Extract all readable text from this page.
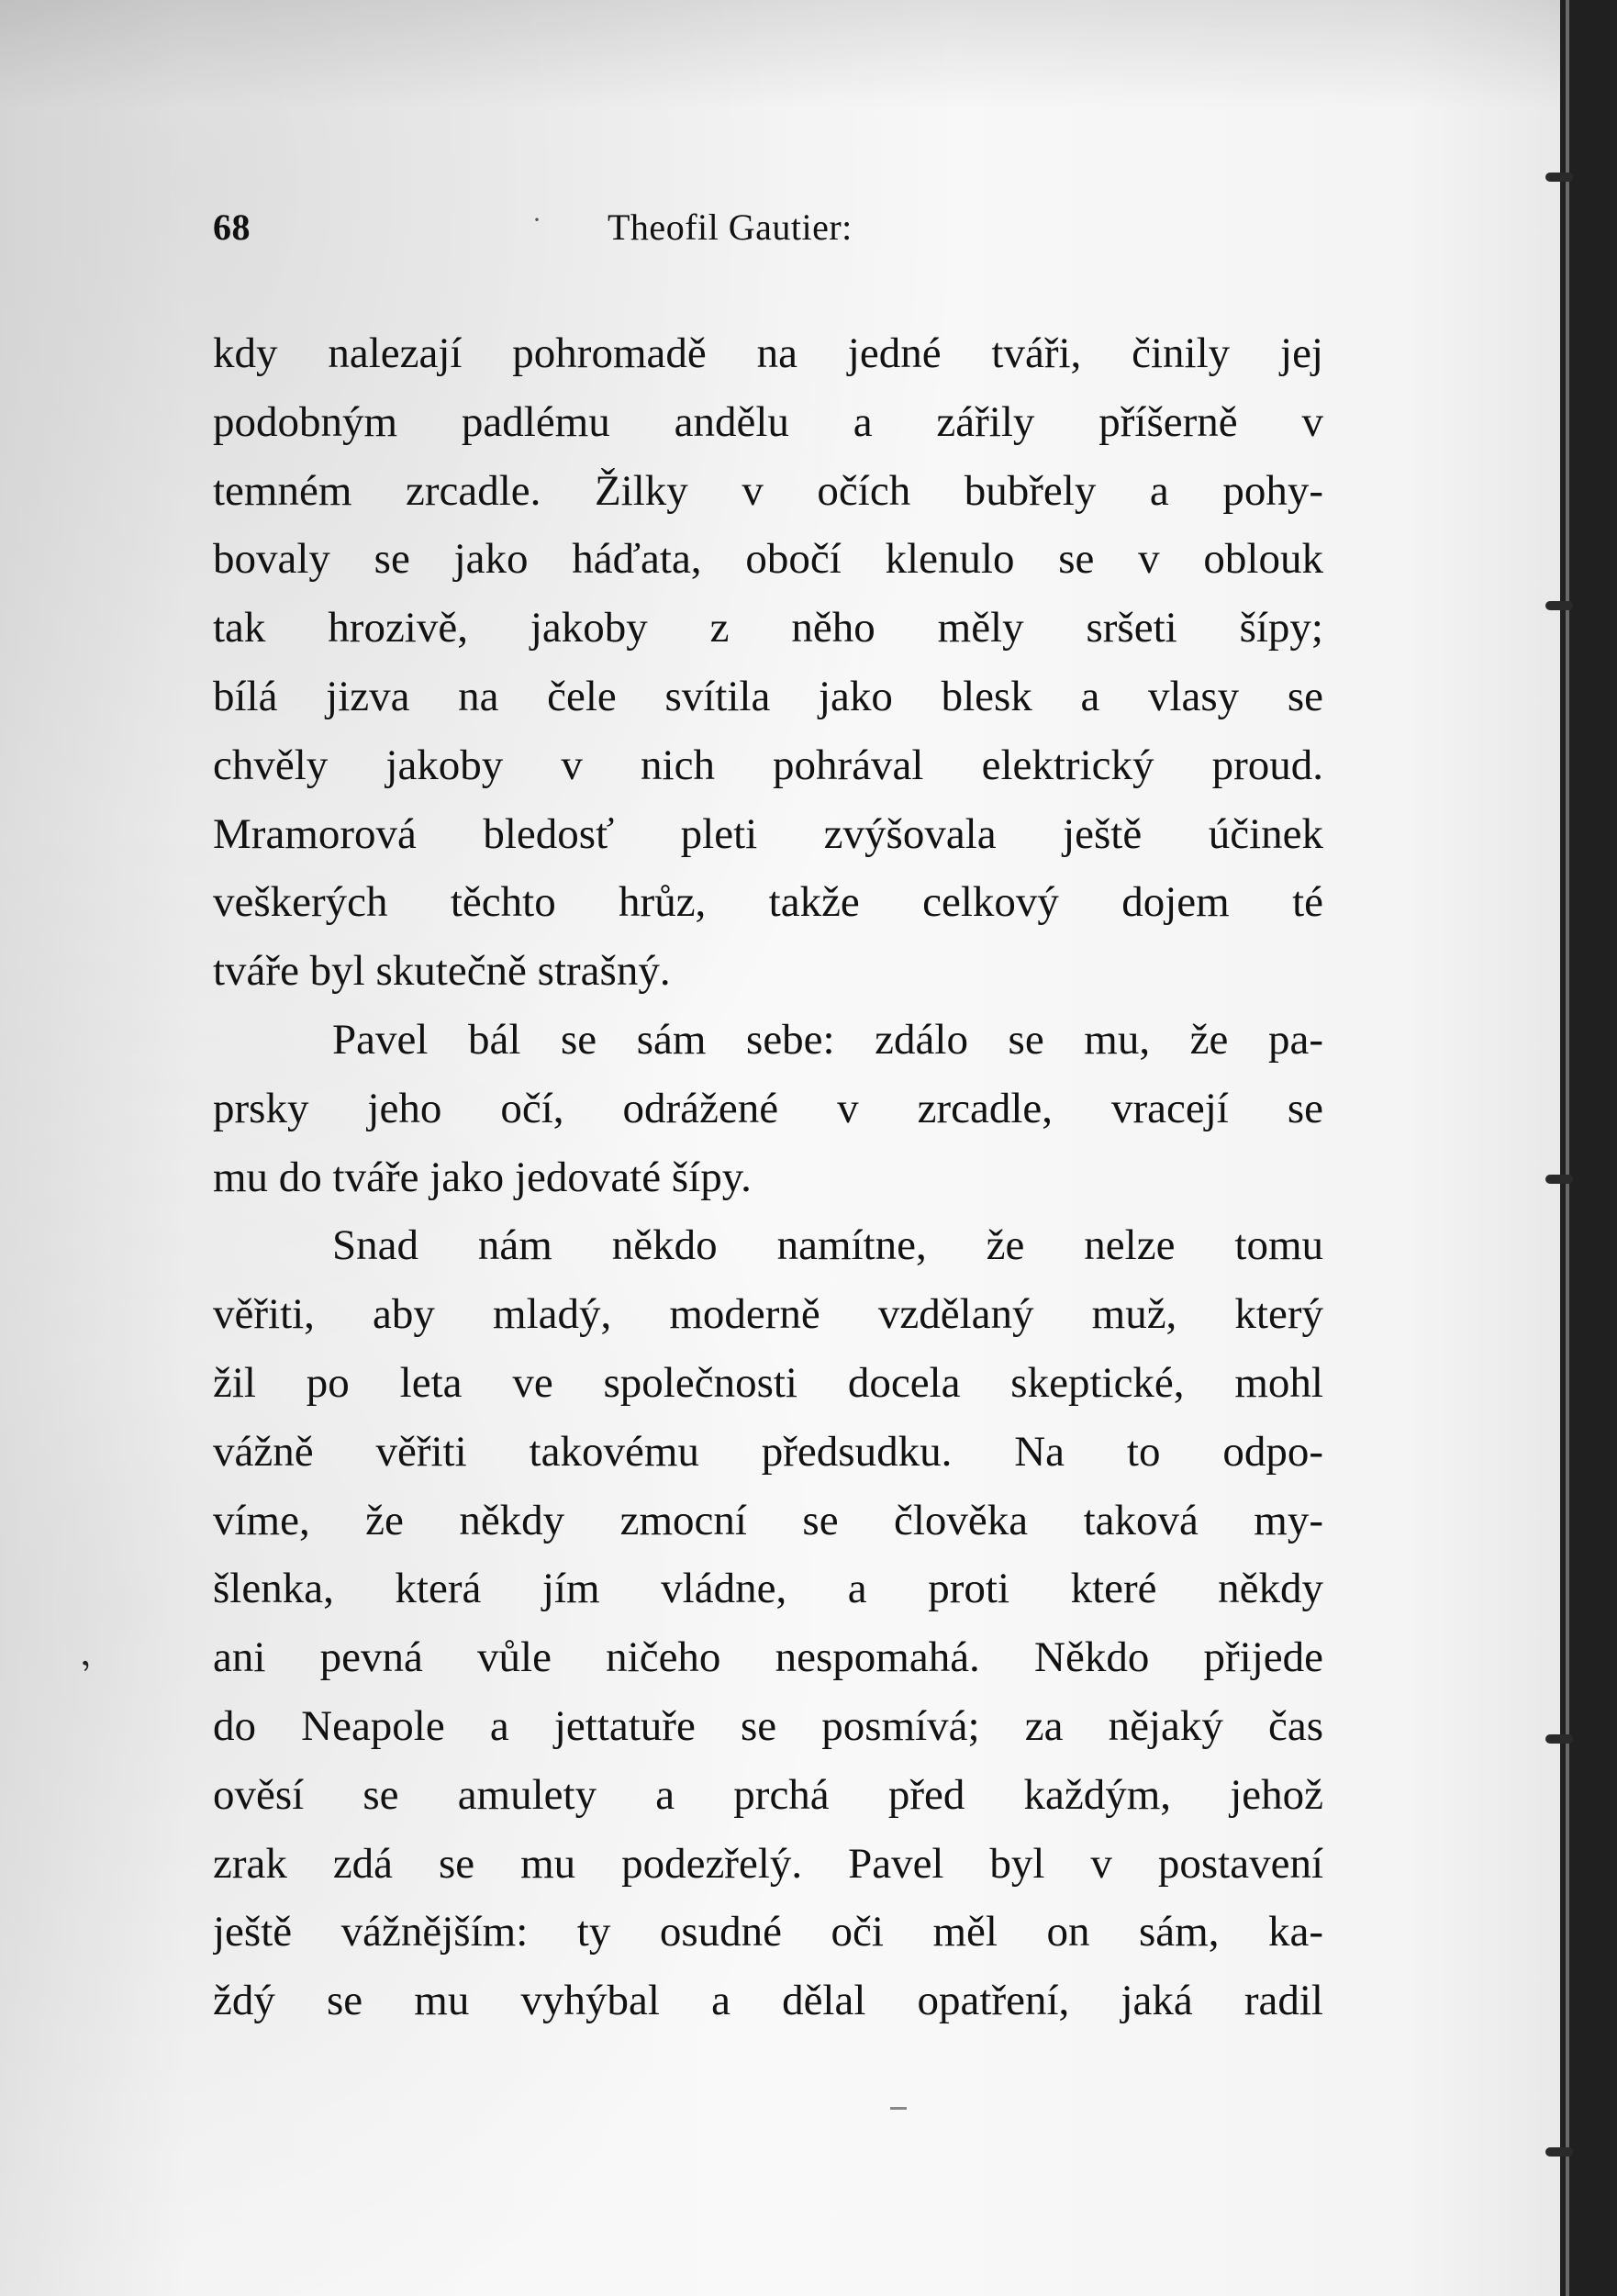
68	· Theofil Gautier:
kdy nalezají pohromadě na jedné tváři, činily jej
podobným padlému andělu a zářily příšerně v
temném zrcadle. Žilky v očích bubřely a pohy-
bovaly se jako háďata, obočí klenulo se v oblouk
tak hrozivě, jakoby z něho měly sršeti šípy;
bílá jizva na čele svítila jako blesk a vlasy se
chvěly jakoby v nich pohrával elektrický proud.
Mramorová bledosť pleti zvýšovala ještě účinek
veškerých těchto hrůz, takže celkový dojem té
tváře byl skutečně strašný.
Pavel bál se sám sebe: zdálo se mu, že pa-
prsky jeho očí, odrážené v zrcadle, vracejí se
mu do tváře jako jedovaté šípy.
Snad nám někdo namítne, že nelze tomu
věřiti, aby mladý, moderně vzdělaný muž, který
žil po leta ve společnosti docela skeptické, mohl
vážně věřiti takovému předsudku. Na to odpo-
víme, že někdy zmocní se člověka taková my-
šlenka, která jím vládne, a proti které někdy
ani pevná vůle ničeho nespomahá. Někdo přijede
do Neapole a jettatuře se posmívá; za nějaký čas
ověsí se amulety a prchá před každým, jehož
zrak zdá se mu podezřelý. Pavel byl v postavení
ještě vážnějším: ty osudné oči měl on sám, ka-
ždý se mu vyhýbal a dělal opatření, jaká radil
ʼ
